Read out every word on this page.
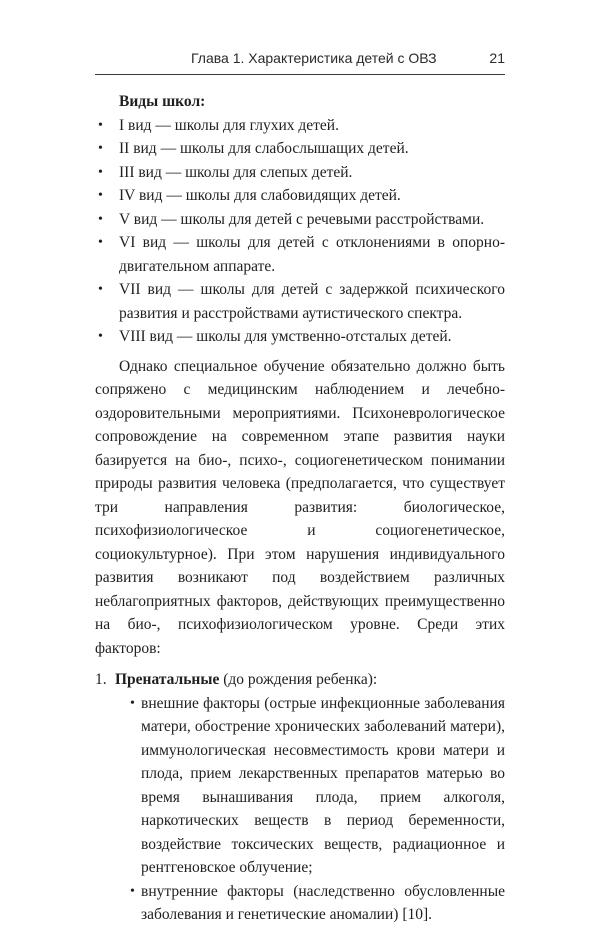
Глава 1. Характеристика детей с ОВЗ	21

Виды школ:

• I вид — школы для глухих детей.
• II вид — школы для слабослышащих детей.
• III вид — школы для слепых детей.
• IV вид — школы для слабовидящих детей.
• V вид — школы для детей с речевыми расстройствами.
• VI вид — школы для детей с отклонениями в опорно-двигательном аппарате.
• VII вид — школы для детей с задержкой психического развития и расстройствами аутистического спектра.
• VIII вид — школы для умственно-отсталых детей.

Однако специальное обучение обязательно должно быть сопряжено с медицинским наблюдением и лечебно-оздоровительными мероприятиями. Психоневрологическое сопровождение на современном этапе развития науки базируется на био-, психо-, социогенетическом понимании природы развития человека (предполагается, что существует три направления развития: биологическое, психофизиологическое и социогенетическое, социокультурное). При этом нарушения индивидуального развития возникают под воздействием различных неблагоприятных факторов, действующих преимущественно на био-, психофизиологическом уровне. Среди этих факторов:

1. Пренатальные (до рождения ребенка):

• внешние факторы (острые инфекционные заболевания матери, обострение хронических заболеваний матери), иммунологическая несовместимость крови матери и плода, прием лекарственных препаратов матерью во время вынашивания плода, прием алкоголя, наркотических веществ в период беременности, воздействие токсических веществ, радиационное и рентгеновское облучение;
• внутренние факторы (наследственно обусловленные заболевания и генетические аномалии) [10].
